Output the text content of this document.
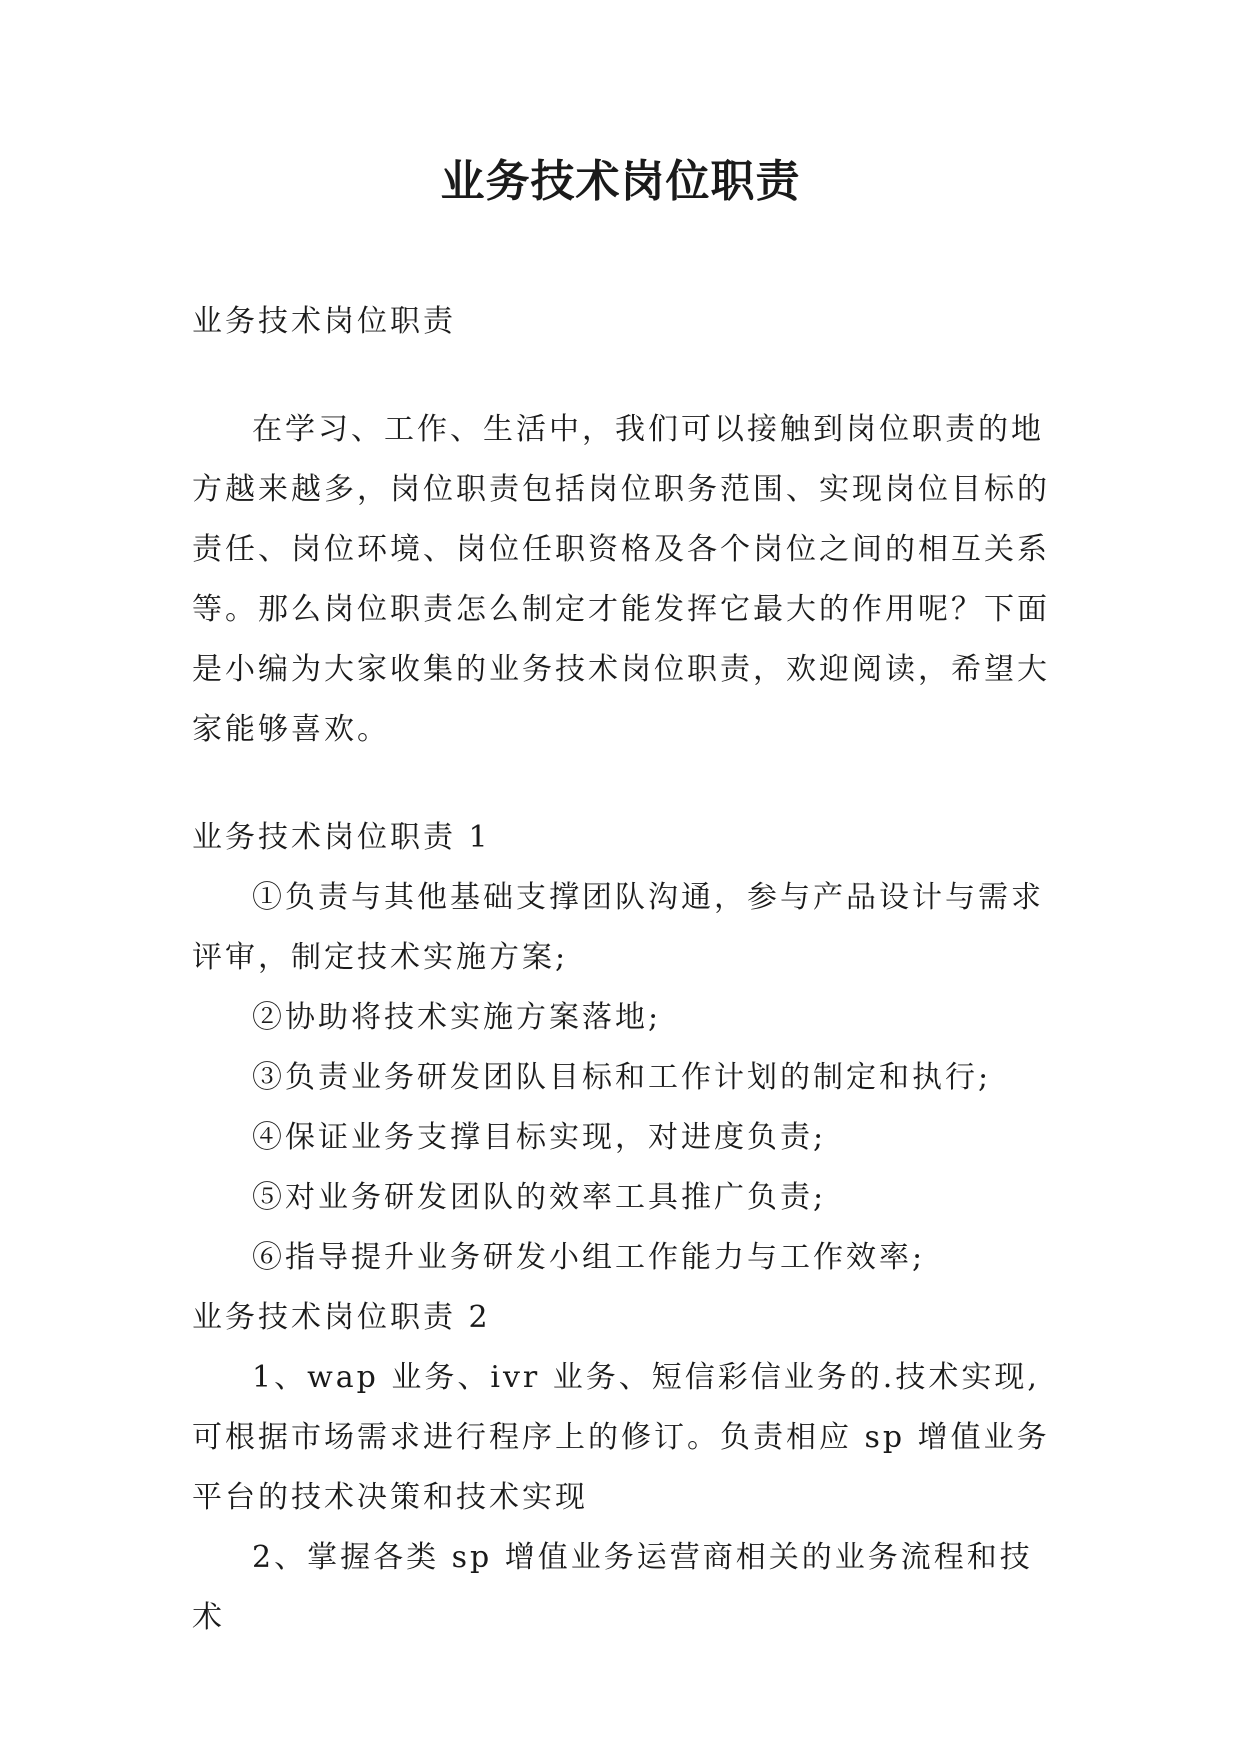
业务技术岗位职责

业务技术岗位职责

在学习、工作、生活中，我们可以接触到岗位职责的地方越来越多，岗位职责包括岗位职务范围、实现岗位目标的责任、岗位环境、岗位任职资格及各个岗位之间的相互关系等。那么岗位职责怎么制定才能发挥它最大的作用呢？下面是小编为大家收集的业务技术岗位职责，欢迎阅读，希望大家能够喜欢。

业务技术岗位职责 1

①负责与其他基础支撑团队沟通，参与产品设计与需求评审，制定技术实施方案;

②协助将技术实施方案落地;

③负责业务研发团队目标和工作计划的制定和执行;

④保证业务支撑目标实现，对进度负责;

⑤对业务研发团队的效率工具推广负责;

⑥指导提升业务研发小组工作能力与工作效率;

业务技术岗位职责 2

1、wap 业务、ivr 业务、短信彩信业务的.技术实现,可根据市场需求进行程序上的修订。负责相应 sp 增值业务平台的技术决策和技术实现

2、掌握各类 sp 增值业务运营商相关的业务流程和技术
